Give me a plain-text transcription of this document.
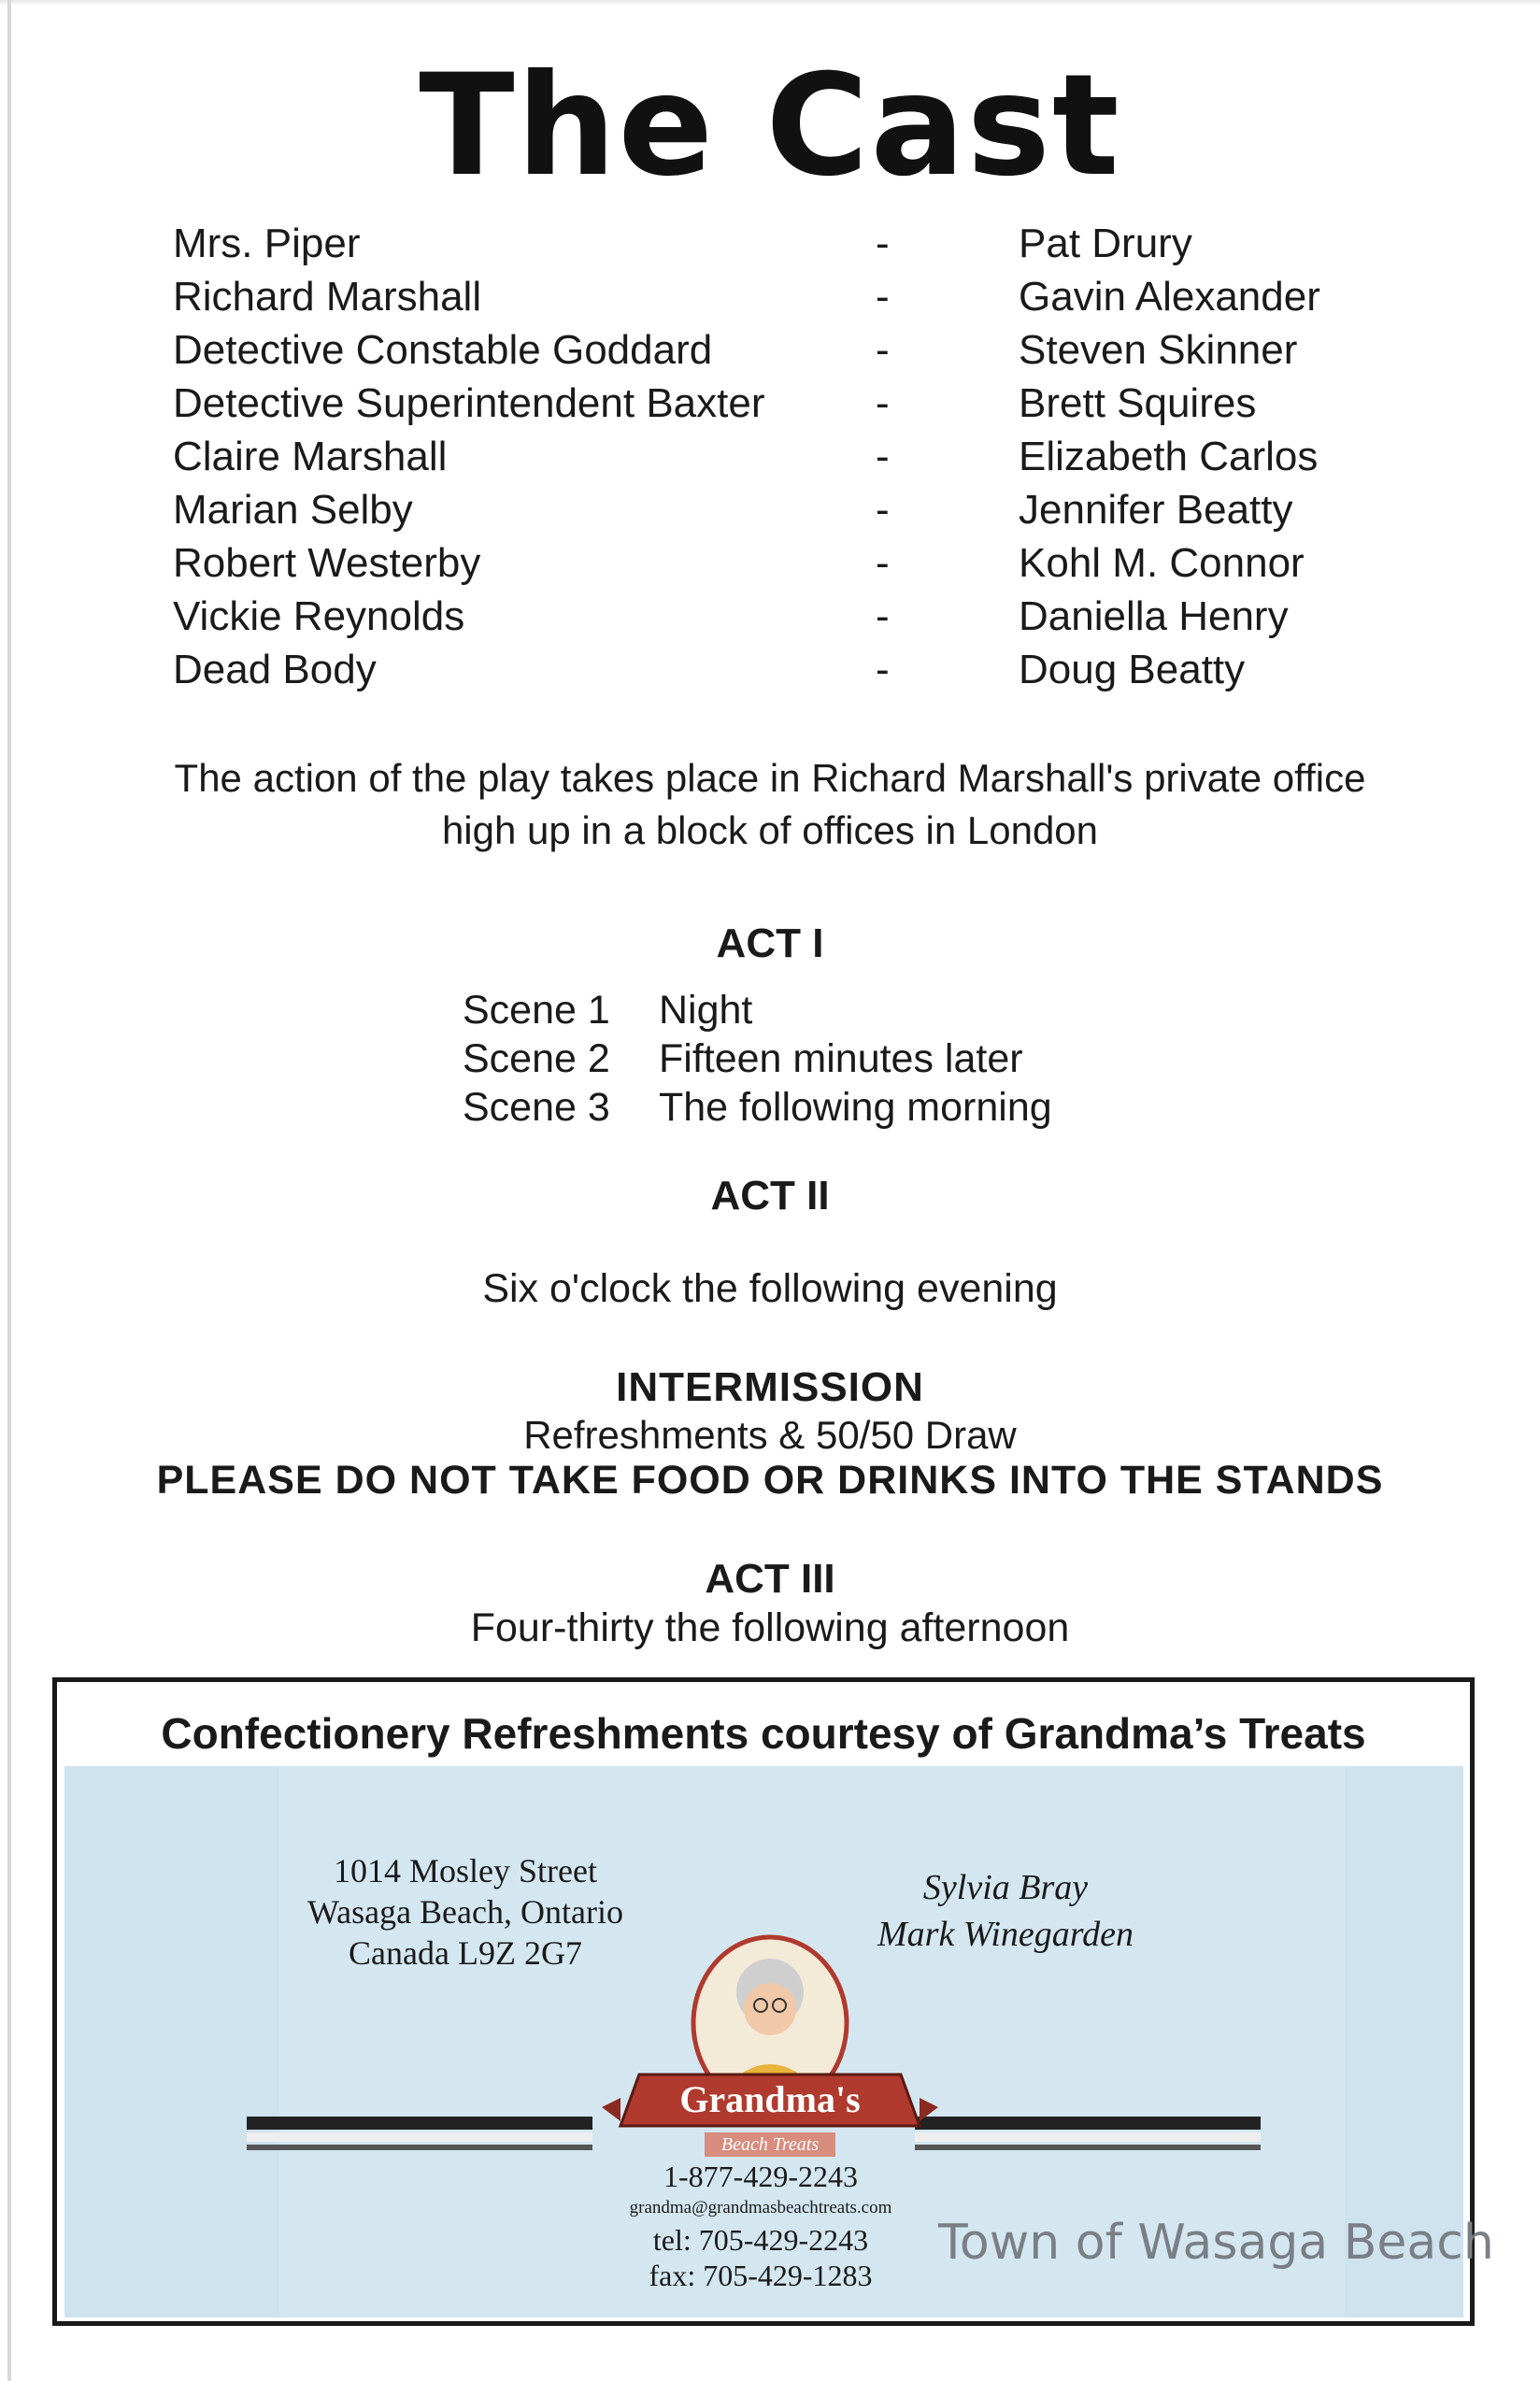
The Cast
Mrs. Piper	-	Pat Drury
Richard Marshall	-	Gavin Alexander
Detective Constable Goddard	-	Steven Skinner
Detective Superintendent Baxter	-	Brett Squires
Claire Marshall	-	Elizabeth Carlos
Marian Selby	-	Jennifer Beatty
Robert Westerby	-	Kohl M. Connor
Vickie Reynolds	-	Daniella Henry
Dead Body	-	Doug Beatty
The action of the play takes place in Richard Marshall's private office
high up in a block of offices in London
ACT I
Scene 1 Night
Scene 2 Fifteen minutes later
Scene 3 The following morning
ACT II
Six o'clock the following evening
INTERMISSION
Refreshments & 50/50 Draw
PLEASE DO NOT TAKE FOOD OR DRINKS INTO THE STANDS
ACT III
Four-thirty the following afternoon
Confectionery Refreshments courtesy of Grandma’s Treats
1014 Mosley Street
Wasaga Beach, Ontario
Canada L9Z 2G7
Sylvia Bray
Mark Winegarden
Grandma's
Beach Treats
1-877-429-2243
grandma@grandmasbeachtreats.com
tel: 705-429-2243
fax: 705-429-1283
Town of Wasaga Beach
